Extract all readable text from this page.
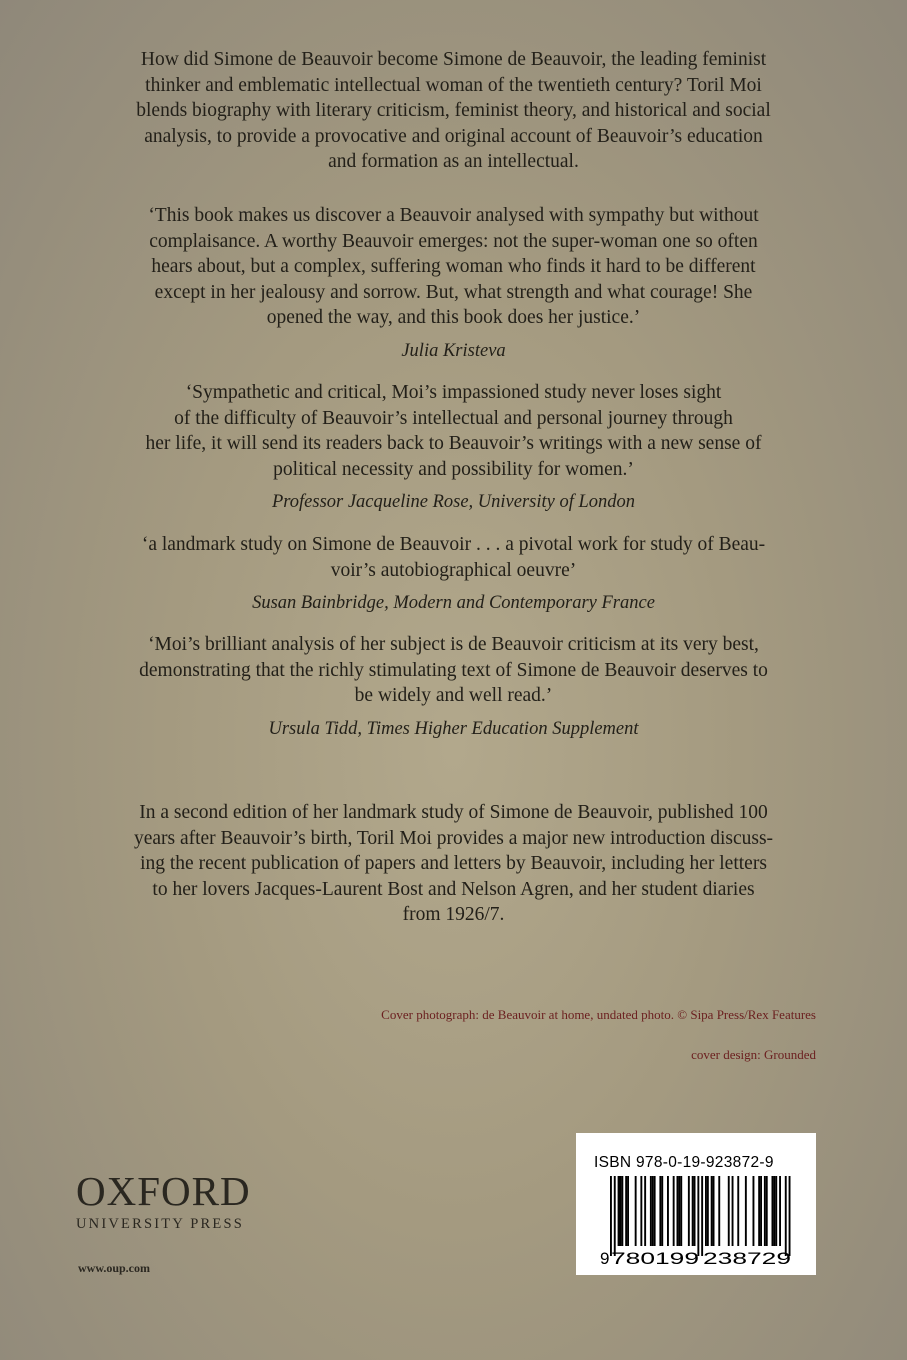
How did Simone de Beauvoir become Simone de Beauvoir, the leading feminist

thinker and emblematic intellectual woman of the twentieth century? Toril Moi

blends biography with literary criticism, feminist theory, and historical and social

analysis, to provide a provocative and original account of Beauvoir’s education

and formation as an intellectual.

‘This book makes us discover a Beauvoir analysed with sympathy but without

complaisance. A worthy Beauvoir emerges: not the super-woman one so often

hears about, but a complex, suffering woman who finds it hard to be different

except in her jealousy and sorrow. But, what strength and what courage! She

opened the way, and this book does her justice.’

Julia Kristeva

‘Sympathetic and critical, Moi’s impassioned study never loses sight

of the difficulty of Beauvoir’s intellectual and personal journey through

her life, it will send its readers back to Beauvoir’s writings with a new sense of

political necessity and possibility for women.’

Professor Jacqueline Rose, University of London

‘a landmark study on Simone de Beauvoir . . . a pivotal work for study of Beau-

voir’s autobiographical oeuvre’

Susan Bainbridge, Modern and Contemporary France

‘Moi’s brilliant analysis of her subject is de Beauvoir criticism at its very best,

demonstrating that the richly stimulating text of Simone de Beauvoir deserves to

be widely and well read.’

Ursula Tidd, Times Higher Education Supplement

In a second edition of her landmark study of Simone de Beauvoir, published 100

years after Beauvoir’s birth, Toril Moi provides a major new introduction discuss-

ing the recent publication of papers and letters by Beauvoir, including her letters

to her lovers Jacques-Laurent Bost and Nelson Agren, and her student diaries

from 1926/7.

Cover photograph: de Beauvoir at home, undated photo. © Sipa Press/Rex Features
cover design: Grounded
OXFORD
UNIVERSITY PRESS
www.oup.com
ISBN 978-0-19-923872-9
9 780199 238729
